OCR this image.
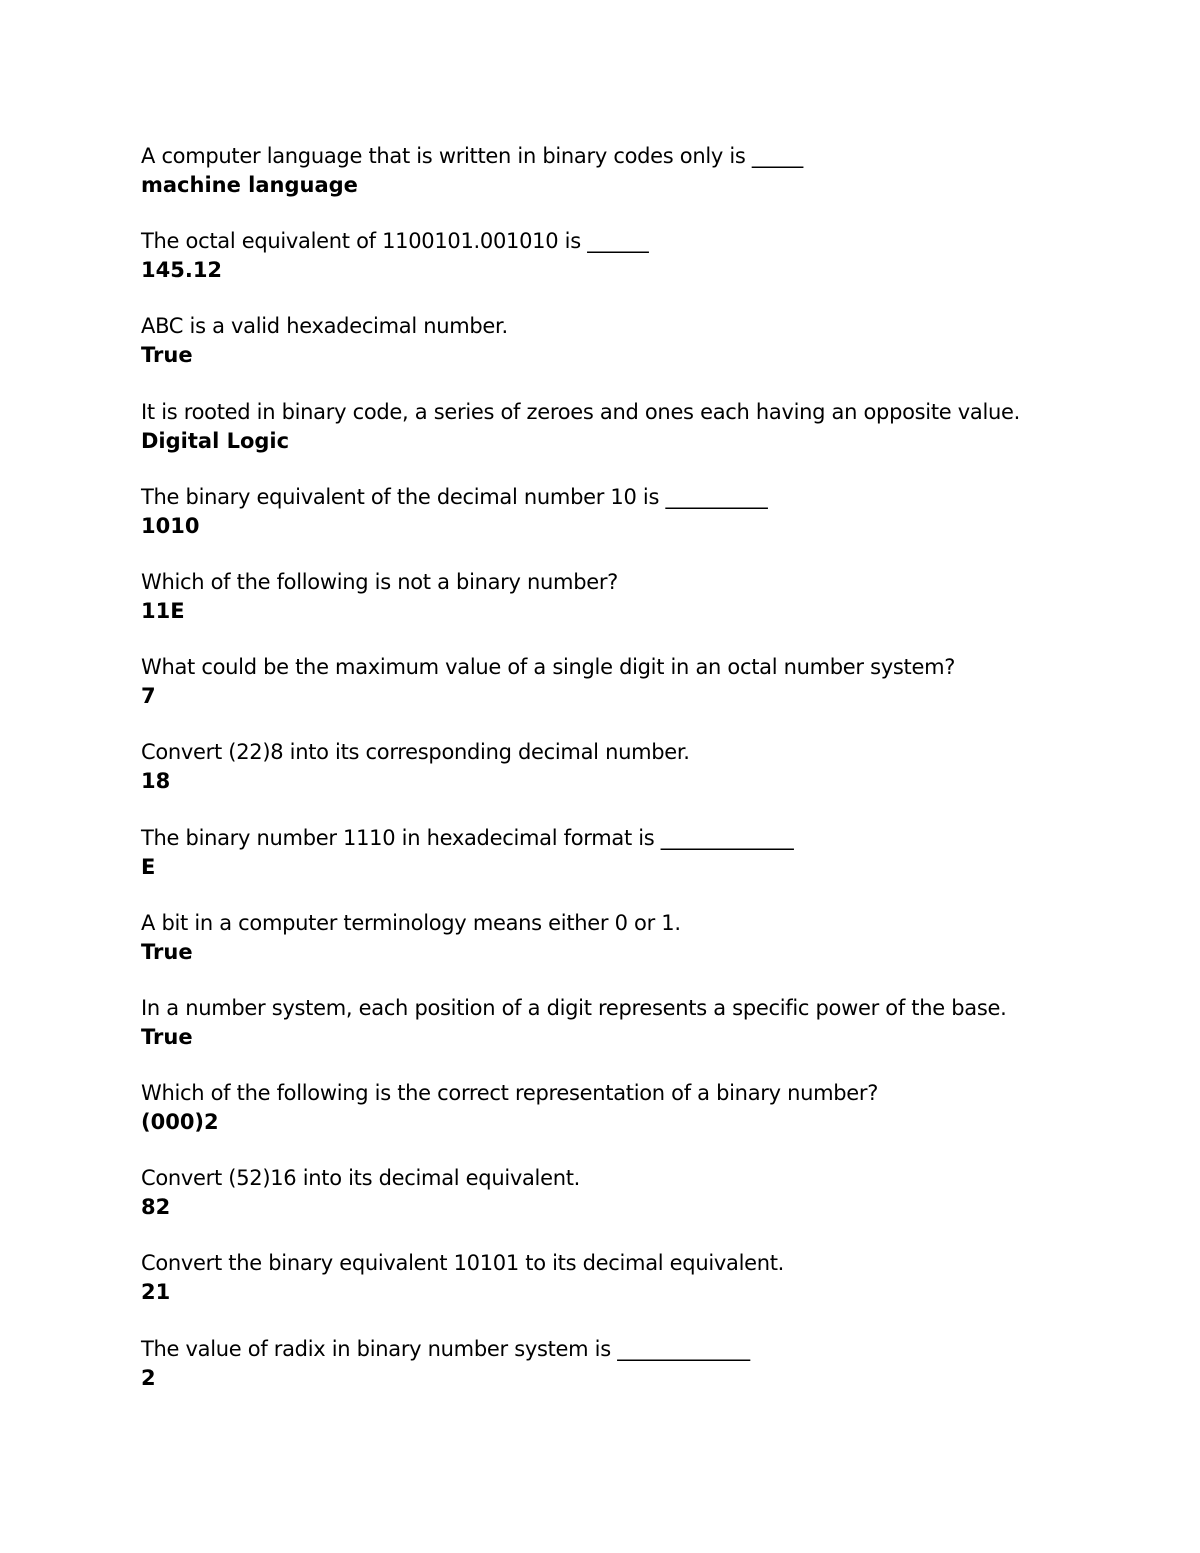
A computer language that is written in binary codes only is _____
machine language
The octal equivalent of 1100101.001010 is ______
145.12
ABC is a valid hexadecimal number.
True
It is rooted in binary code, a series of zeroes and ones each having an opposite value.
Digital Logic
The binary equivalent of the decimal number 10 is __________
1010
Which of the following is not a binary number?
11E
What could be the maximum value of a single digit in an octal number system?
7
Convert (22)8 into its corresponding decimal number.
18
The binary number 1110 in hexadecimal format is _____________
E
A bit in a computer terminology means either 0 or 1.
True
In a number system, each position of a digit represents a specific power of the base.
True
Which of the following is the correct representation of a binary number?
(000)2
Convert (52)16 into its decimal equivalent.
82
Convert the binary equivalent 10101 to its decimal equivalent.
21
The value of radix in binary number system is _____________
2
